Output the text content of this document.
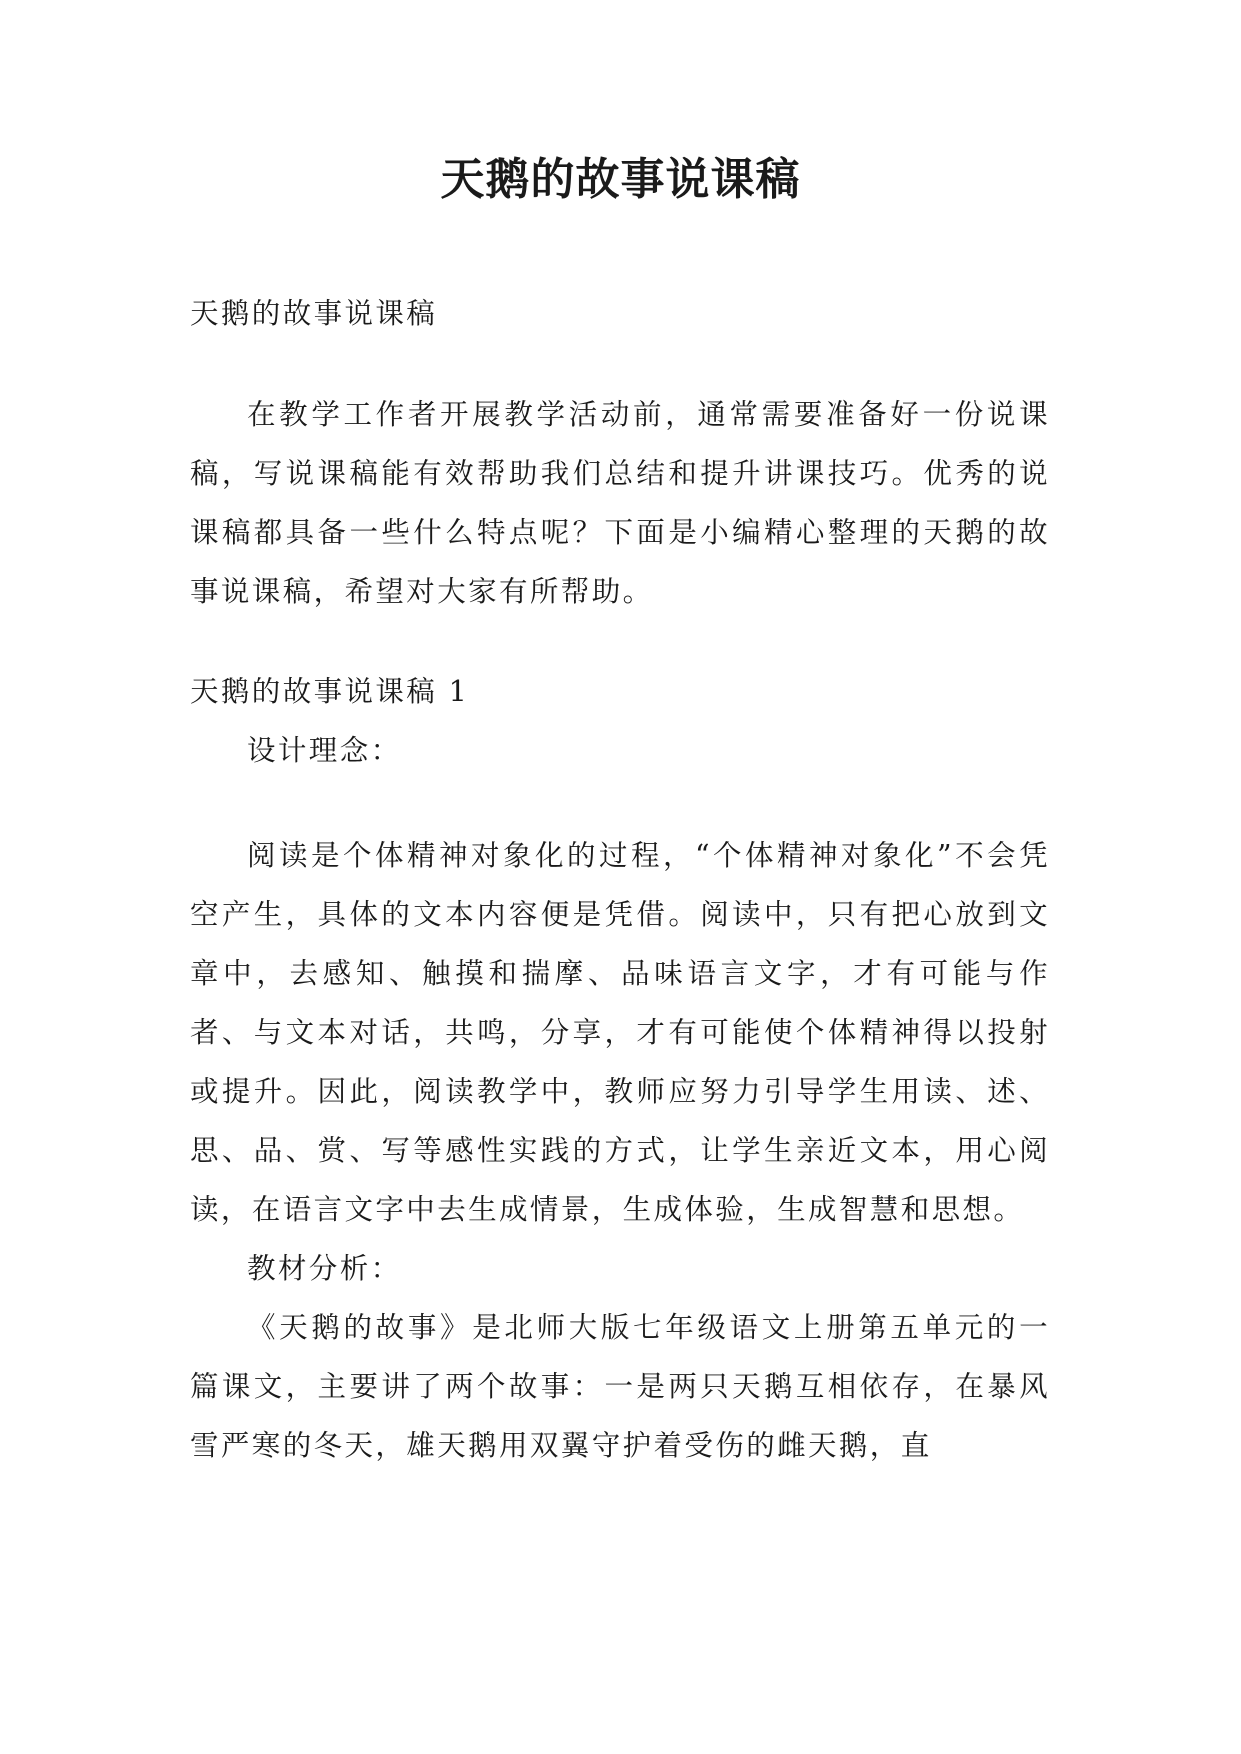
天鹅的故事说课稿

天鹅的故事说课稿

在教学工作者开展教学活动前，通常需要准备好一份说课稿，写说课稿能有效帮助我们总结和提升讲课技巧。优秀的说课稿都具备一些什么特点呢？下面是小编精心整理的天鹅的故事说课稿，希望对大家有所帮助。

天鹅的故事说课稿 1

设计理念：

阅读是个体精神对象化的过程，“个体精神对象化”不会凭空产生，具体的文本内容便是凭借。阅读中，只有把心放到文章中，去感知、触摸和揣摩、品味语言文字，才有可能与作者、与文本对话，共鸣，分享，才有可能使个体精神得以投射或提升。因此，阅读教学中，教师应努力引导学生用读、述、思、品、赏、写等感性实践的方式，让学生亲近文本，用心阅读，在语言文字中去生成情景，生成体验，生成智慧和思想。

教材分析：

《天鹅的故事》是北师大版七年级语文上册第五单元的一篇课文，主要讲了两个故事：一是两只天鹅互相依存，在暴风雪严寒的冬天，雄天鹅用双翼守护着受伤的雌天鹅，直
